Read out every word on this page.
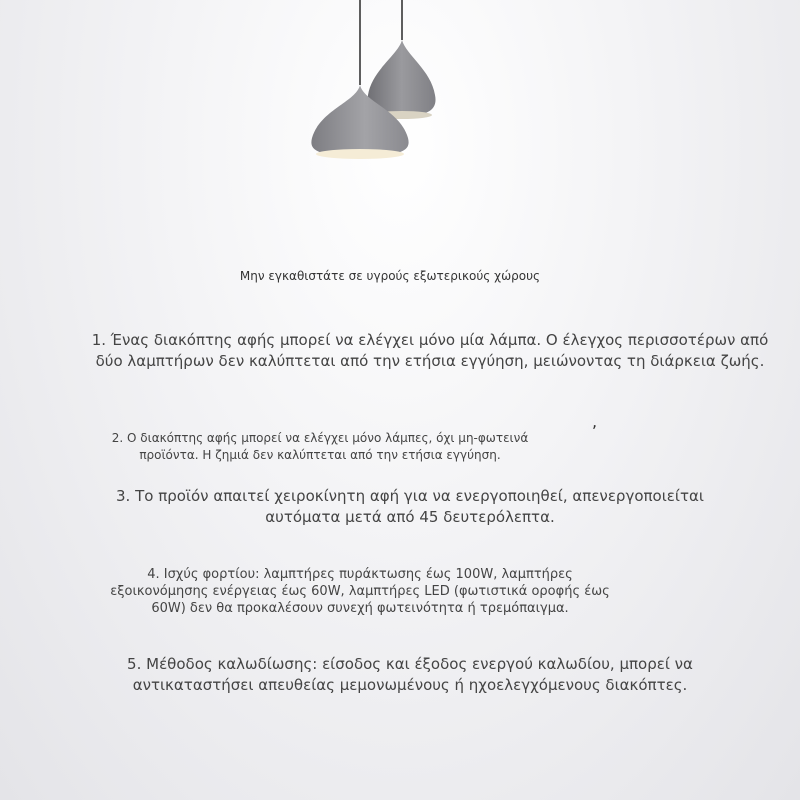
Μην εγκαθιστάτε σε υγρούς εξωτερικούς χώρους
1. Ένας διακόπτης αφής μπορεί να ελέγχει μόνο μία λάμπα. Ο έλεγχος περισσοτέρων από δύο λαμπτήρων δεν καλύπτεται από την ετήσια εγγύηση, μειώνοντας τη διάρκεια ζωής.
2. Ο διακόπτης αφής μπορεί να ελέγχει μόνο λάμπες, όχι μη-φωτεινά προϊόντα. Η ζημιά δεν καλύπτεται από την ετήσια εγγύηση.
,
3. Το προϊόν απαιτεί χειροκίνητη αφή για να ενεργοποιηθεί, απενεργοποιείται αυτόματα μετά από 45 δευτερόλεπτα.
4. Ισχύς φορτίου: λαμπτήρες πυράκτωσης έως 100W, λαμπτήρες εξοικονόμησης ενέργειας έως 60W, λαμπτήρες LED (φωτιστικά οροφής έως 60W) δεν θα προκαλέσουν συνεχή φωτεινότητα ή τρεμόπαιγμα.
5. Μέθοδος καλωδίωσης: είσοδος και έξοδος ενεργού καλωδίου, μπορεί να αντικαταστήσει απευθείας μεμονωμένους ή ηχοελεγχόμενους διακόπτες.
